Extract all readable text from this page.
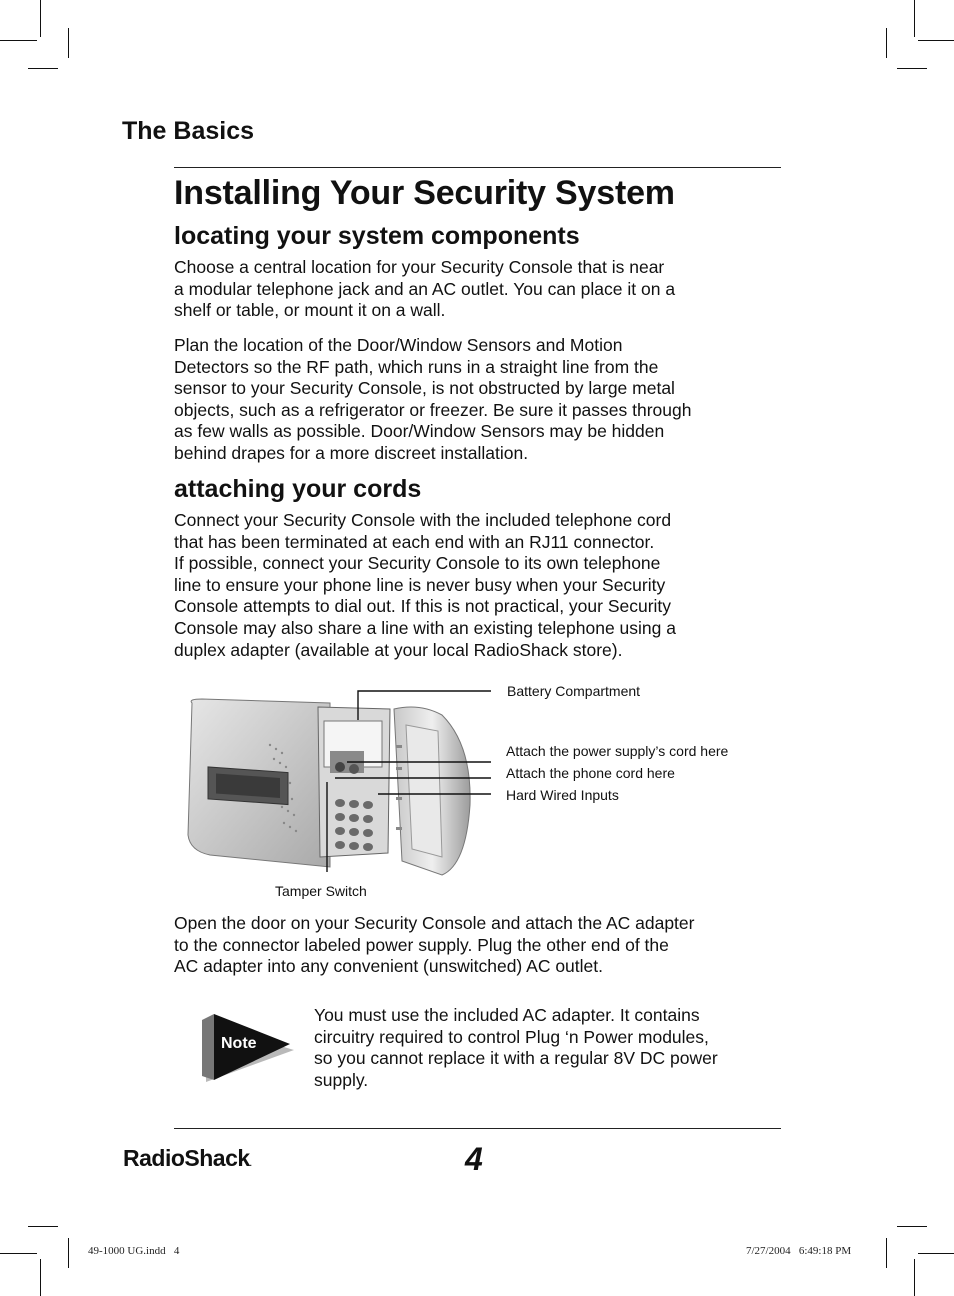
The Basics
Installing Your Security System
locating your system components

Choose a central location for your Security Console that is near
a modular telephone jack and an AC outlet. You can place it on a
shelf or table, or mount it on a wall.

Plan the location of the Door/Window Sensors and Motion
Detectors so the RF path, which runs in a straight line from the
sensor to your Security Console, is not obstructed by large metal
objects, such as a refrigerator or freezer. Be sure it passes through
as few walls as possible. Door/Window Sensors may be hidden
behind drapes for a more discreet installation.

attaching your cords

Connect your Security Console with the included telephone cord
that has been terminated at each end with an RJ11 connector.
If possible, connect your Security Console to its own telephone
line to ensure your phone line is never busy when your Security
Console attempts to dial out. If this is not practical, your Security
Console may also share a line with an existing telephone using a
duplex adapter (available at your local RadioShack store).

Battery Compartment
Attach the power supply’s cord here
Attach the phone cord here
Hard Wired Inputs
Tamper Switch

Open the door on your Security Console and attach the AC adapter
to the connector labeled power supply. Plug the other end of the
AC adapter into any convenient (unswitched) AC outlet.

Note
You must use the included AC adapter. It contains
circuitry required to control Plug ‘n Power modules,
so you cannot replace it with a regular 8V DC power
supply.
RadioShack.	4
49-1000 UG.indd   4	7/27/2004   6:49:18 PM
